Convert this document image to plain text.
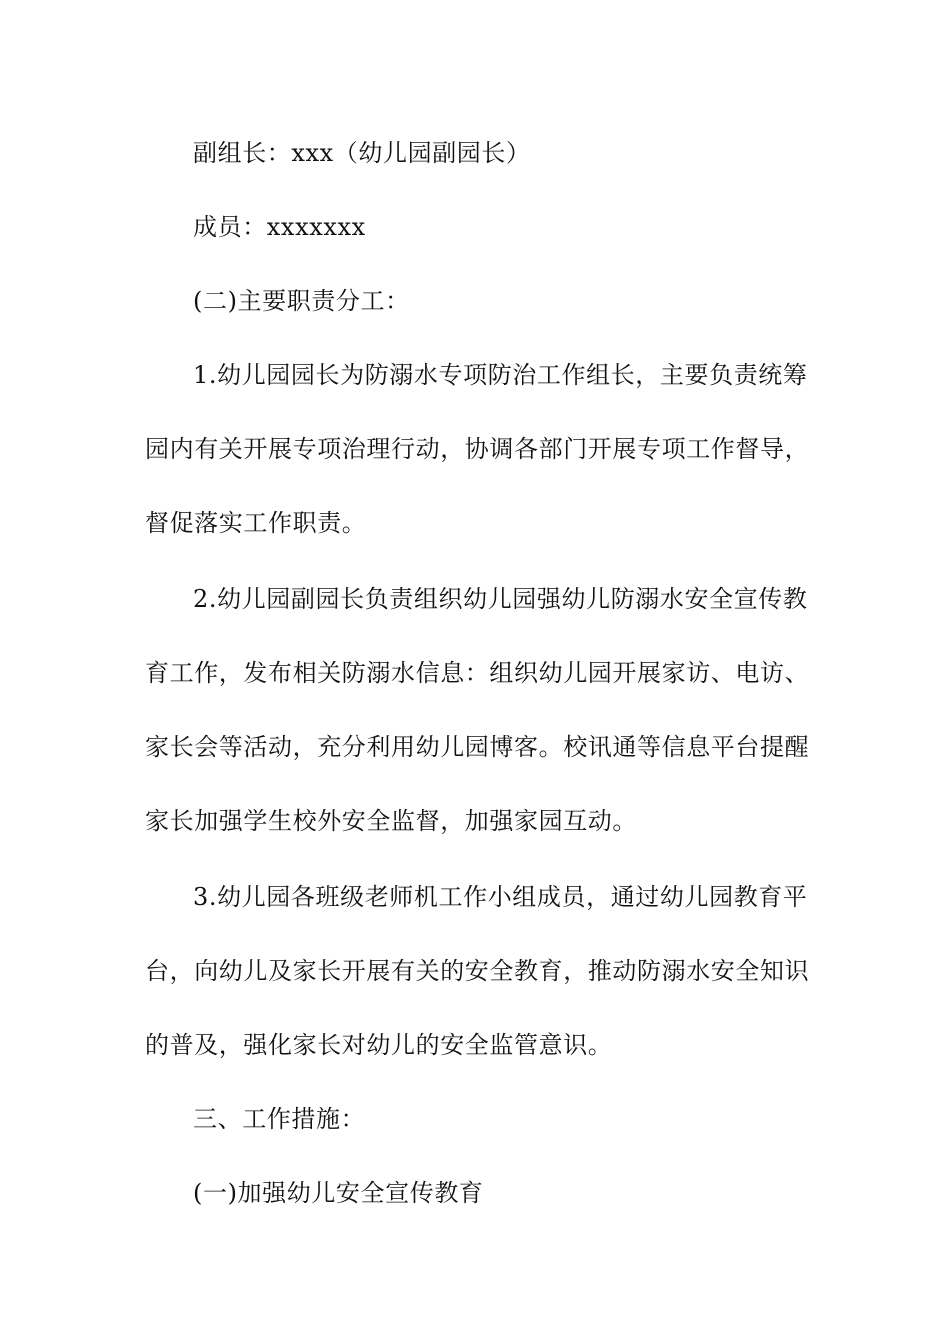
副组长：xxx（幼儿园副园长）
成员：xxxxxxx
(二)主要职责分工：
1.幼儿园园长为防溺水专项防治工作组长，主要负责统筹
园内有关开展专项治理行动，协调各部门开展专项工作督导，
督促落实工作职责。
2.幼儿园副园长负责组织幼儿园强幼儿防溺水安全宣传教
育工作，发布相关防溺水信息：组织幼儿园开展家访、电访、
家长会等活动，充分利用幼儿园博客。校讯通等信息平台提醒
家长加强学生校外安全监督，加强家园互动。
3.幼儿园各班级老师机工作小组成员，通过幼儿园教育平
台，向幼儿及家长开展有关的安全教育，推动防溺水安全知识
的普及，强化家长对幼儿的安全监管意识。
三、工作措施：
(一)加强幼儿安全宣传教育
